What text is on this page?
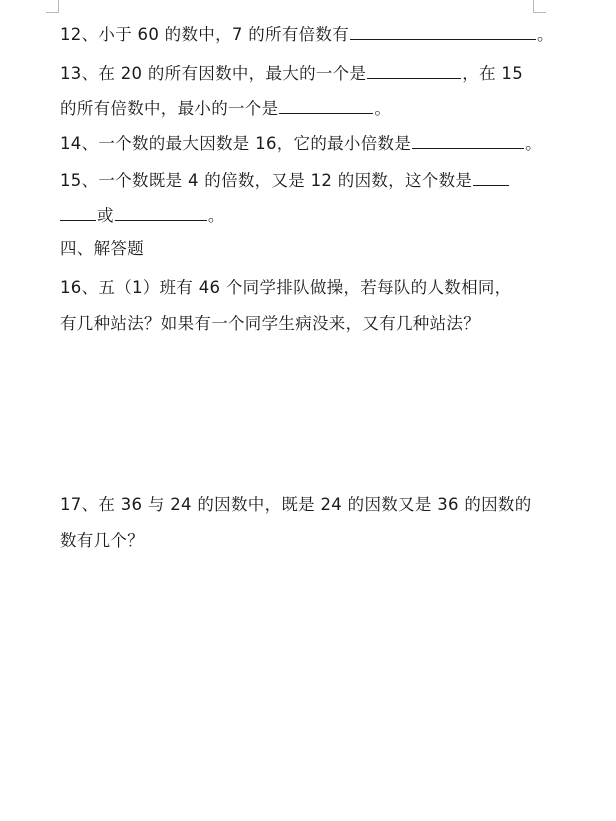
12、小于 60 的数中，7 的所有倍数有	。
13、在 20 的所有因数中，最大的一个是	，在 15
的所有倍数中，最小的一个是	。
14、一个数的最大因数是 16，它的最小倍数是	。
15、一个数既是 4 的倍数，又是 12 的因数，这个数是
或	。
四、解答题
16、五（1）班有 46 个同学排队做操，若每队的人数相同，
有几种站法？如果有一个同学生病没来，又有几种站法？
17、在 36 与 24 的因数中，既是 24 的因数又是 36 的因数的
数有几个？
